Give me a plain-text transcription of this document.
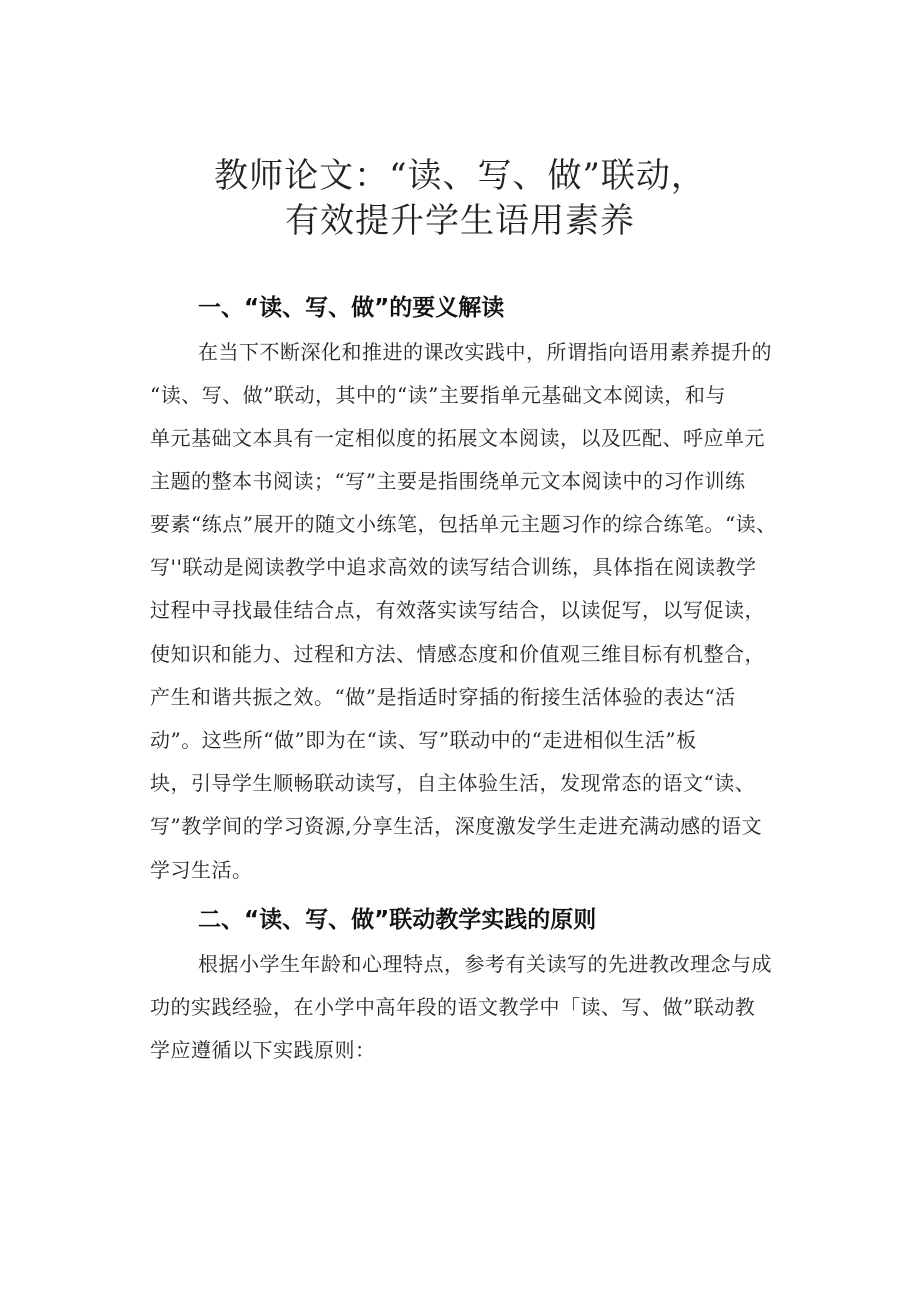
教师论文：“读、写、做”联动，
有效提升学生语用素养
一、“读、写、做”的要义解读
在当下不断深化和推进的课改实践中，所谓指向语用素养提升的
“读、写、做”联动，其中的“读”主要指单元基础文本阅读，和与
单元基础文本具有一定相似度的拓展文本阅读，以及匹配、呼应单元
主题的整本书阅读；“写”主要是指围绕单元文本阅读中的习作训练
要素“练点”展开的随文小练笔，包括单元主题习作的综合练笔。“读、
写''联动是阅读教学中追求高效的读写结合训练，具体指在阅读教学
过程中寻找最佳结合点，有效落实读写结合，以读促写，以写促读，
使知识和能力、过程和方法、情感态度和价值观三维目标有机整合，
产生和谐共振之效。“做”是指适时穿插的衔接生活体验的表达“活
动”。这些所“做”即为在“读、写”联动中的“走进相似生活”板
块，引导学生顺畅联动读写，自主体验生活，发现常态的语文“读、
写”教学间的学习资源,分享生活，深度激发学生走进充满动感的语文
学习生活。
二、“读、写、做”联动教学实践的原则
根据小学生年龄和心理特点，参考有关读写的先进教改理念与成
功的实践经验，在小学中高年段的语文教学中「读、写、做”联动教
学应遵循以下实践原则：
